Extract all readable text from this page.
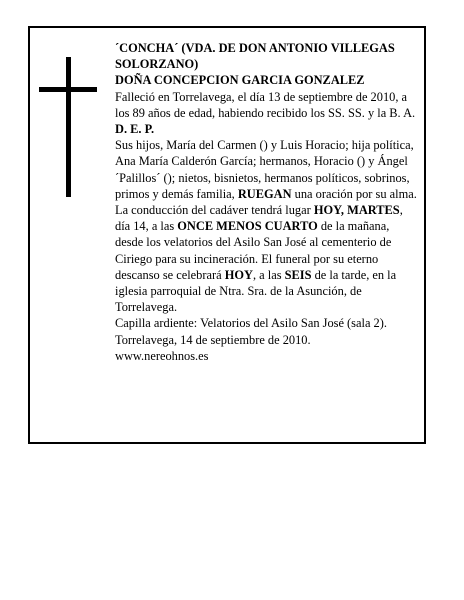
´CONCHA´ (VDA. DE DON ANTONIO VILLEGAS SOLORZANO)

DOÑA CONCEPCION GARCIA GONZALEZ

Falleció en Torrelavega, el día 13 de septiembre de 2010, a los 89 años de edad, habiendo recibido los SS. SS. y la B. A.

D. E. P.

Sus hijos, María del Carmen () y Luis Horacio; hija política, Ana María Calderón García; hermanos, Horacio () y Ángel ´Palillos´ (); nietos, bisnietos, hermanos políticos, sobrinos, primos y demás familia, RUEGAN una oración por su alma. La conducción del cadáver tendrá lugar HOY, MARTES, día 14, a las ONCE MENOS CUARTO de la mañana, desde los velatorios del Asilo San José al cementerio de Ciriego para su incineración. El funeral por su eterno descanso se celebrará HOY, a las SEIS de la tarde, en la iglesia parroquial de Ntra. Sra. de la Asunción, de Torrelavega.

Capilla ardiente: Velatorios del Asilo San José (sala 2).

Torrelavega, 14 de septiembre de 2010.

www.nereohnos.es
